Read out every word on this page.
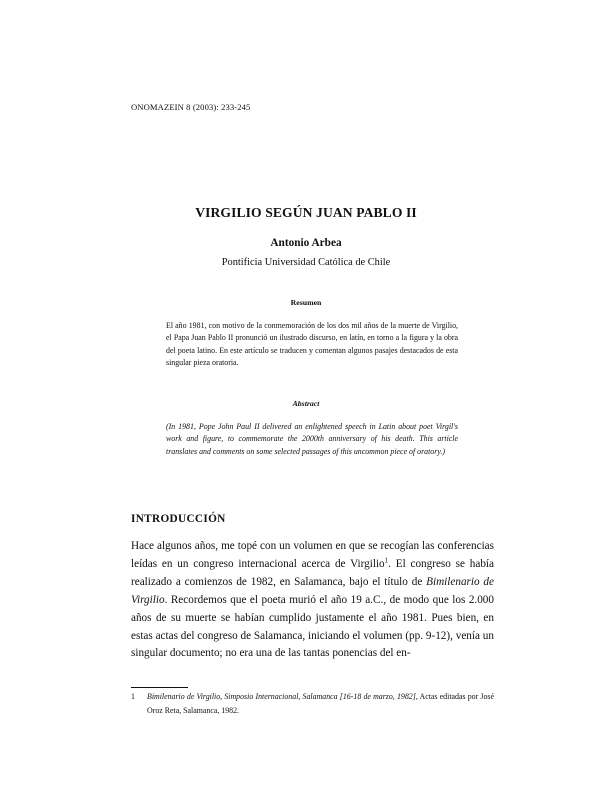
ONOMAZEIN 8 (2003): 233-245
VIRGILIO SEGÚN JUAN PABLO II
Antonio Arbea
Pontificia Universidad Católica de Chile
Resumen
El año 1981, con motivo de la conmemoración de los dos mil años de la muerte de Virgilio, el Papa Juan Pablo II pronunció un ilustrado discurso, en latín, en torno a la figura y la obra del poeta latino. En este artículo se traducen y comentan algunos pasajes destacados de esta singular pieza oratoria.
Abstract
(In 1981, Pope John Paul II delivered an enlightened speech in Latin about poet Virgil's work and figure, to commemorate the 2000th anniversary of his death. This article translates and comments on some selected passages of this uncommon piece of oratory.)
INTRODUCCIÓN
Hace algunos años, me topé con un volumen en que se recogían las conferencias leídas en un congreso internacional acerca de Virgilio$^1$. El congreso se había realizado a comienzos de 1982, en Salamanca, bajo el título de Bimilenario de Virgilio. Recordemos que el poeta murió el año 19 a.C., de modo que los 2.000 años de su muerte se habían cumplido justamente el año 1981. Pues bien, en estas actas del congreso de Salamanca, iniciando el volumen (pp. 9-12), venía un singular documento; no era una de las tantas ponencias del en-
1 Bimilenario de Virgilio, Simposio Internacional, Salamanca [16-18 de marzo, 1982], Actas editadas por José Oroz Reta, Salamanca, 1982.
